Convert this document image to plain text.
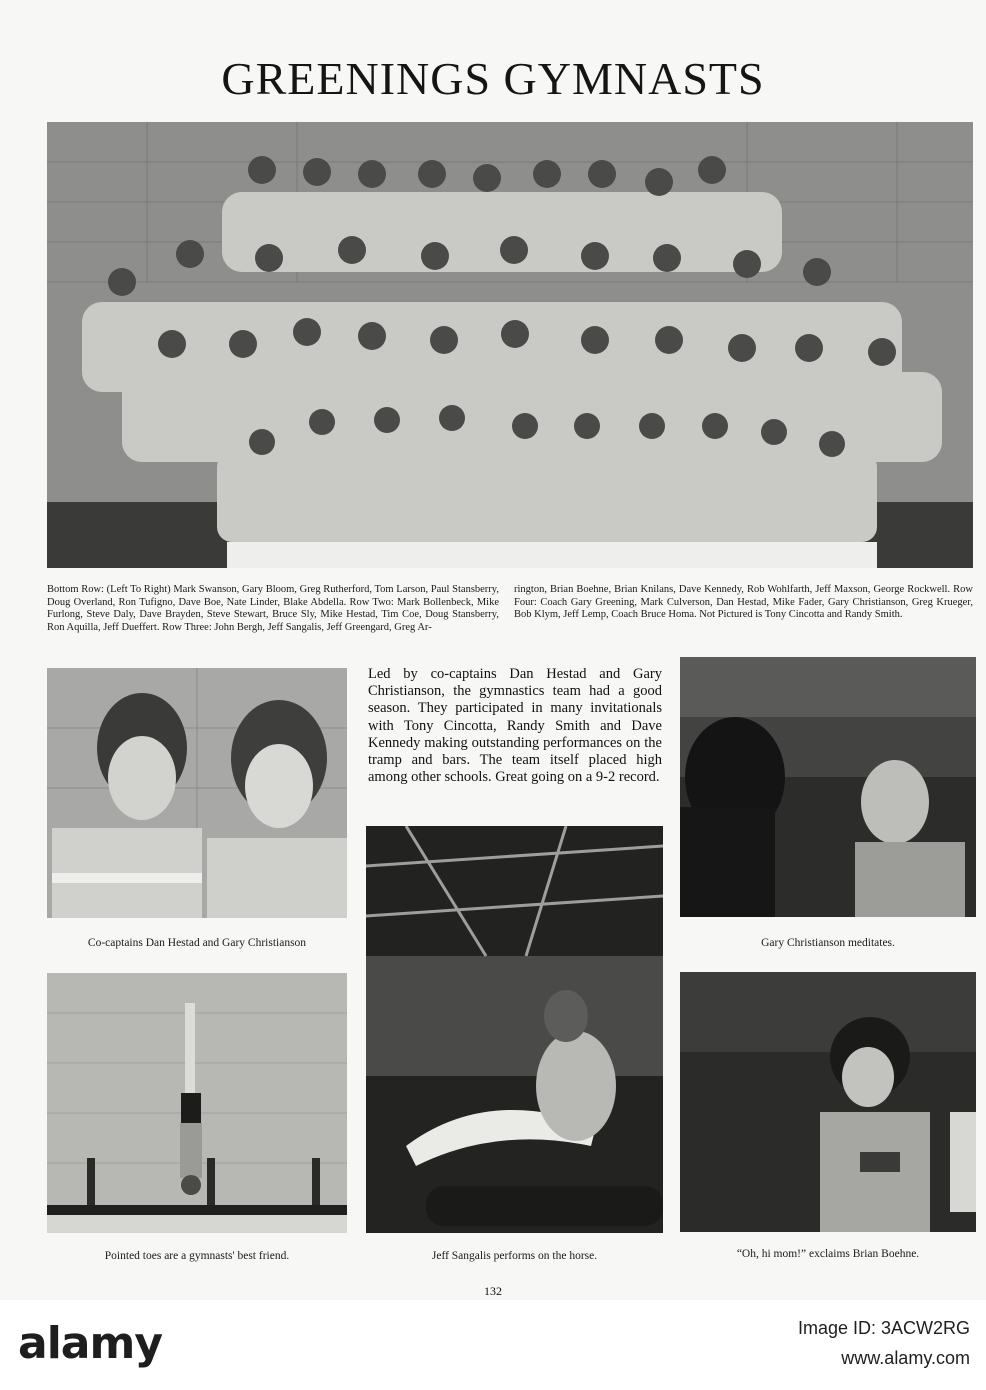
GREENINGS GYMNASTS
Bottom Row: (Left To Right) Mark Swanson, Gary Bloom, Greg Rutherford, Tom Larson, Paul Stansberry, Doug Overland, Ron Tufigno, Dave Boe, Nate Linder, Blake Abdella. Row Two: Mark Bollenbeck, Mike Furlong, Steve Daly, Dave Brayden, Steve Stewart, Bruce Sly, Mike Hestad, Tim Coe, Doug Stansberry, Ron Aquilla, Jeff Dueffert. Row Three: John Bergh, Jeff Sangalis, Jeff Greengard, Greg Ar-
rington, Brian Boehne, Brian Knilans, Dave Kennedy, Rob Wohlfarth, Jeff Maxson, George Rockwell. Row Four: Coach Gary Greening, Mark Culverson, Dan Hestad, Mike Fader, Gary Christianson, Greg Krueger, Bob Klym, Jeff Lemp, Coach Bruce Homa. Not Pictured is Tony Cincotta and Randy Smith.
Co-captains Dan Hestad and Gary Christianson
Led by co-captains Dan Hestad and Gary Christianson, the gymnastics team had a good season. They participated in many invitationals with Tony Cincotta, Randy Smith and Dave Kennedy making outstanding performances on the tramp and bars. The team itself placed high among other schools. Great going on a 9-2 record.
Gary Christianson meditates.
Jeff Sangalis performs on the horse.
Pointed toes are a gymnasts' best friend.	“Oh, hi mom!” exclaims Brian Boehne.
132
alamy	Image ID: 3ACW2RG
www.alamy.com
